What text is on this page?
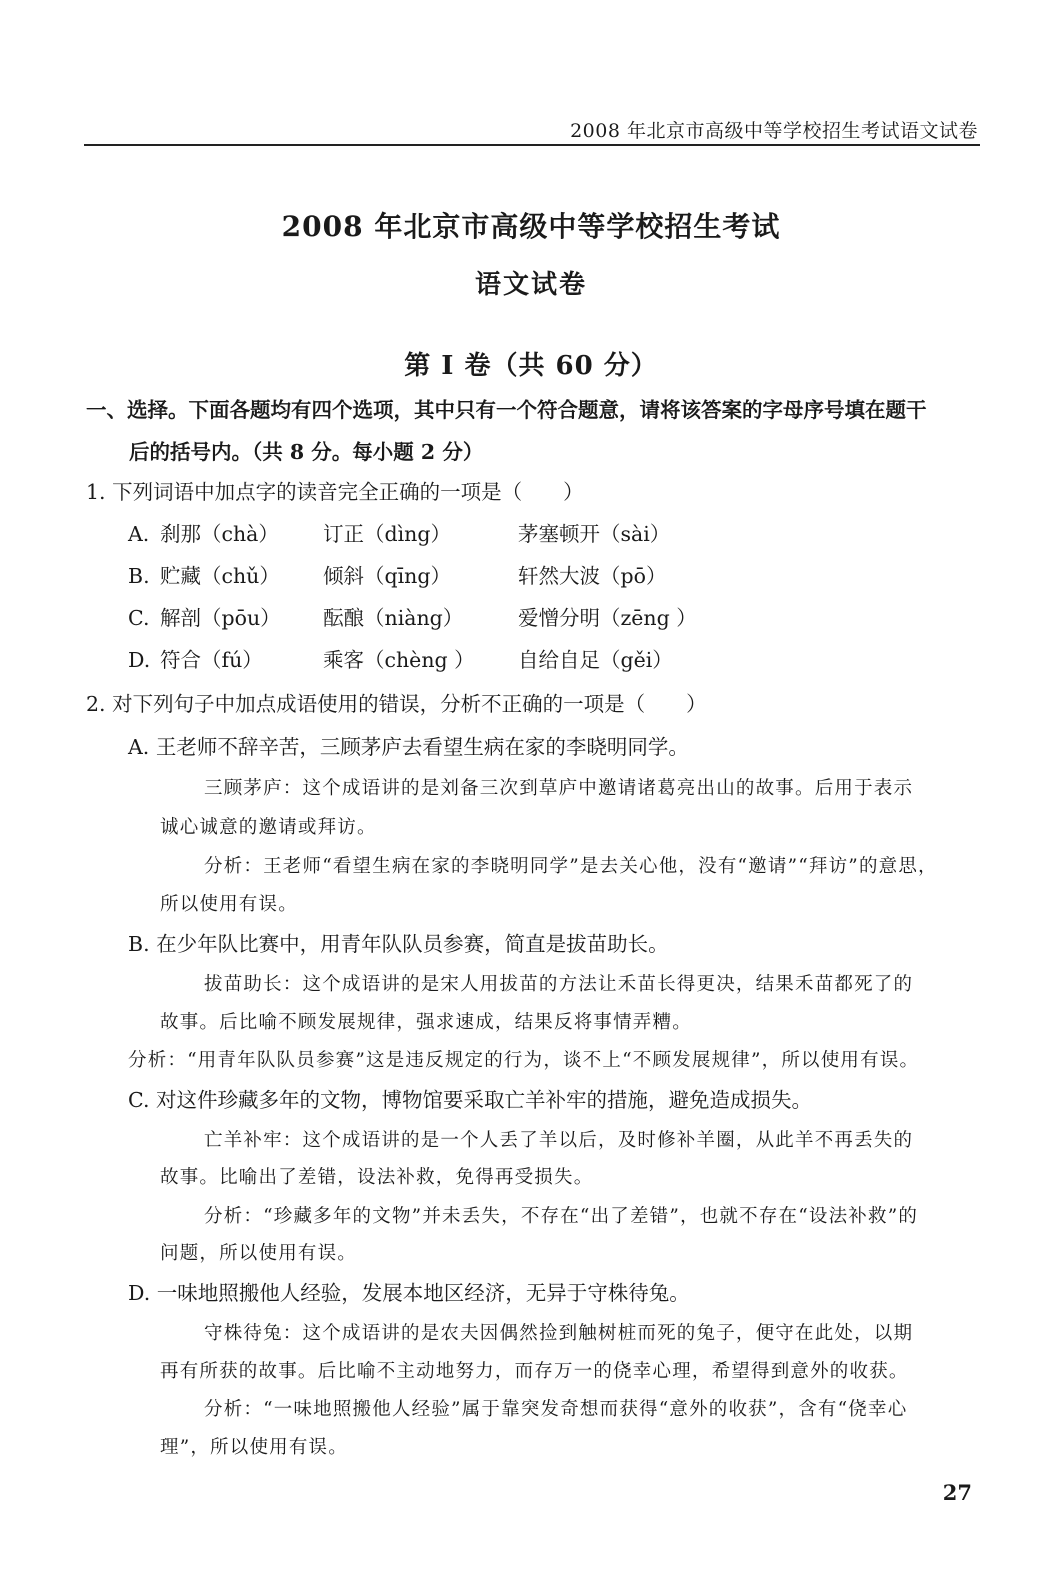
2008 年北京市高级中等学校招生考试语文试卷
2008 年北京市高级中等学校招生考试
语文试卷
第 I 卷（共 60 分）
一、选择。下面各题均有四个选项，其中只有一个符合题意，请将该答案的字母序号填在题干
后的括号内。（共 8 分。每小题 2 分）
1. 下列词语中加点字的读音完全正确的一项是（　　）
A. 刹那（chà） 订正（dìng）	茅塞顿开（sài）
B. 贮藏（chǔ） 倾斜（qīng）	轩然大波（pō）
C. 解剖（pōu） 酝酿（niàng）	爱憎分明（zēng ）
D. 符合（fú）	乘客（chèng ） 自给自足（gěi）
2. 对下列句子中加点成语使用的错误，分析不正确的一项是（　　）
A. 王老师不辞辛苦，三顾茅庐去看望生病在家的李晓明同学。
三顾茅庐：这个成语讲的是刘备三次到草庐中邀请诸葛亮出山的故事。后用于表示
诚心诚意的邀请或拜访。
分析：王老师“看望生病在家的李晓明同学”是去关心他，没有“邀请”“拜访”的意思，
所以使用有误。
B. 在少年队比赛中，用青年队队员参赛，简直是拔苗助长。
拔苗助长：这个成语讲的是宋人用拔苗的方法让禾苗长得更决，结果禾苗都死了的
故事。后比喻不顾发展规律，强求速成，结果反将事情弄糟。
分析：“用青年队队员参赛”这是违反规定的行为，谈不上“不顾发展规律”，所以使用有误。
C. 对这件珍藏多年的文物，博物馆要采取亡羊补牢的措施，避免造成损失。
亡羊补牢：这个成语讲的是一个人丢了羊以后，及时修补羊圈，从此羊不再丢失的
故事。比喻出了差错，设法补救，免得再受损失。
分析：“珍藏多年的文物”并未丢失，不存在“出了差错”，也就不存在“设法补救”的
问题，所以使用有误。
D. 一味地照搬他人经验，发展本地区经济，无异于守株待兔。
守株待兔：这个成语讲的是农夫因偶然捡到触树桩而死的兔子，便守在此处，以期
再有所获的故事。后比喻不主动地努力，而存万一的侥幸心理，希望得到意外的收获。
分析：“一味地照搬他人经验”属于靠突发奇想而获得“意外的收获”，含有“侥幸心
理”，所以使用有误。
27
